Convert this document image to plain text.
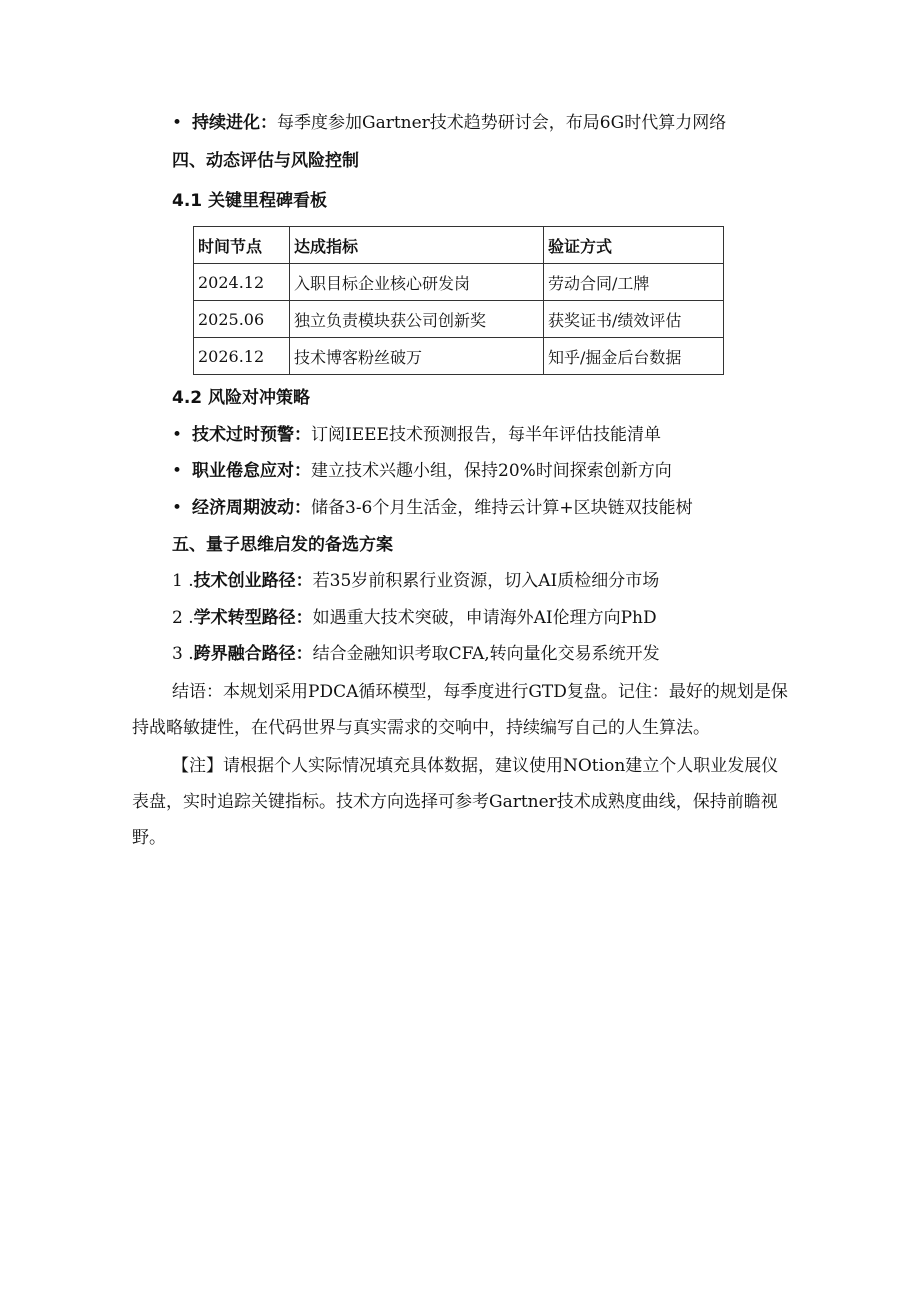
• 持续进化：每季度参加Gartner技术趋势研讨会，布局6G时代算力网络
四、动态评估与风险控制
4.1 关键里程碑看板
时间节点	达成指标	验证方式
2024.12	入职目标企业核心研发岗	劳动合同/工牌
2025.06	独立负责模块获公司创新奖	获奖证书/绩效评估
2026.12	技术博客粉丝破万	知乎/掘金后台数据
4.2 风险对冲策略
• 技术过时预警：订阅IEEE技术预测报告，每半年评估技能清单
• 职业倦怠应对：建立技术兴趣小组，保持20%时间探索创新方向
• 经济周期波动：储备3-6个月生活金，维持云计算+区块链双技能树
五、量子思维启发的备选方案
1 .技术创业路径：若35岁前积累行业资源，切入AI质检细分市场
2 .学术转型路径：如遇重大技术突破，申请海外AI伦理方向PhD
3 .跨界融合路径：结合金融知识考取CFA,转向量化交易系统开发

结语：本规划采用PDCA循环模型，每季度进行GTD复盘。记住：最好的规划是保持战略敏捷性，在代码世界与真实需求的交响中，持续编写自己的人生算法。

【注】请根据个人实际情况填充具体数据，建议使用NOtion建立个人职业发展仪表盘，实时追踪关键指标。技术方向选择可参考Gartner技术成熟度曲线，保持前瞻视野。
